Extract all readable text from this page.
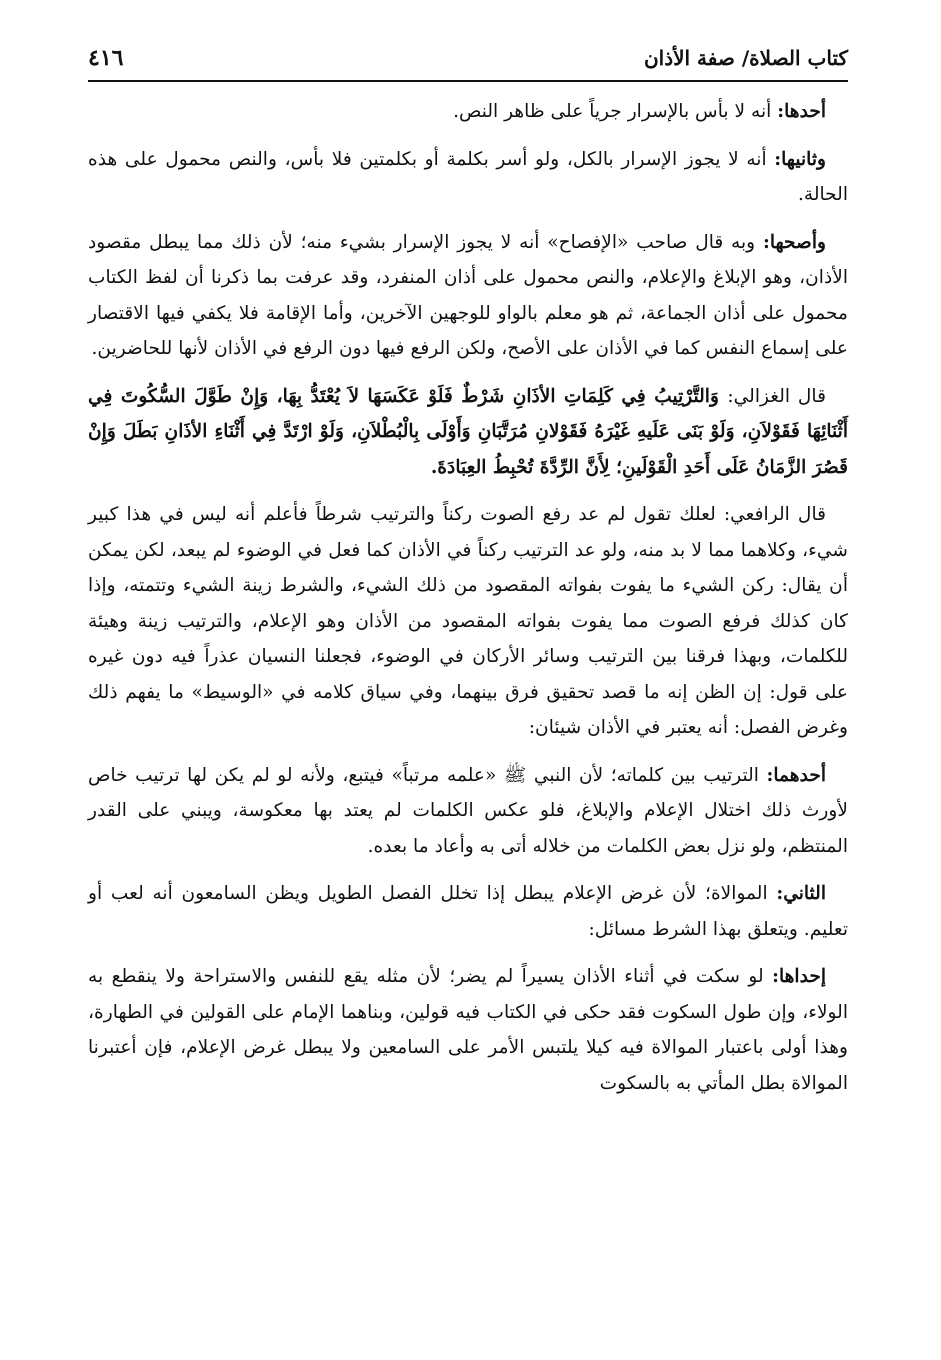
٤١٦	كتاب الصلاة/ صفة الأذان

أحدها: أنه لا بأس بالإسرار جرياً على ظاهر النص.

وثانيها: أنه لا يجوز الإسرار بالكل، ولو أسر بكلمة أو بكلمتين فلا بأس، والنص محمول على هذه الحالة.

وأصحها: وبه قال صاحب «الإفصاح» أنه لا يجوز الإسرار بشيء منه؛ لأن ذلك مما يبطل مقصود الأذان، وهو الإبلاغ والإعلام، والنص محمول على أذان المنفرد، وقد عرفت بما ذكرنا أن لفظ الكتاب محمول على أذان الجماعة، ثم هو معلم بالواو للوجهين الآخرين، وأما الإقامة فلا يكفي فيها الاقتصار على إسماع النفس كما في الأذان على الأصح، ولكن الرفع فيها دون الرفع في الأذان لأنها للحاضرين.

قال الغزالي: وَالتَّرْتِيبُ فِي كَلِمَاتِ الأذَانِ شَرْطٌ فَلَوْ عَكَسَهَا لاَ يُعْتَدُّ بِهَا، وَإِنْ طَوَّلَ السُّكُوتَ فِي أَثْنَائِهَا فَقَوْلاَنِ، وَلَوْ بَنَى عَلَيهِ غَيْرَهُ فَقَوْلانِ مُرَتَّبَانِ وَأَوْلَى بِالْبُطْلاَنِ، وَلَوْ ارْتَدَّ فِي أَثْنَاءِ الأذَانِ بَطَلَ وَإِنْ قَصُرَ الزَّمَانُ عَلَى أَحَدِ الْقَوْلَينِ؛ لِأَنَّ الرِّدَّةَ تُحْبِطُ العِبَادَةَ.

قال الرافعي: لعلك تقول لم عد رفع الصوت ركناً والترتيب شرطاً فأعلم أنه ليس في هذا كبير شيء، وكلاهما مما لا بد منه، ولو عد الترتيب ركناً في الأذان كما فعل في الوضوء لم يبعد، لكن يمكن أن يقال: ركن الشيء ما يفوت بفواته المقصود من ذلك الشيء، والشرط زينة الشيء وتتمته، وإذا كان كذلك فرفع الصوت مما يفوت بفواته المقصود من الأذان وهو الإعلام، والترتيب زينة وهيئة للكلمات، وبهذا فرقنا بين الترتيب وسائر الأركان في الوضوء، فجعلنا النسيان عذراً فيه دون غيره على قول: إن الظن إنه ما قصد تحقيق فرق بينهما، وفي سياق كلامه في «الوسيط» ما يفهم ذلك وغرض الفصل: أنه يعتبر في الأذان شيئان:

أحدهما: الترتيب بين كلماته؛ لأن النبي ﷺ «علمه مرتباً» فيتبع، ولأنه لو لم يكن لها ترتيب خاص لأورث ذلك اختلال الإعلام والإبلاغ، فلو عكس الكلمات لم يعتد بها معكوسة، ويبني على القدر المنتظم، ولو نزل بعض الكلمات من خلاله أتى به وأعاد ما بعده.

الثاني: الموالاة؛ لأن غرض الإعلام يبطل إذا تخلل الفصل الطويل ويظن السامعون أنه لعب أو تعليم. ويتعلق بهذا الشرط مسائل:

إحداها: لو سكت في أثناء الأذان يسيراً لم يضر؛ لأن مثله يقع للنفس والاستراحة ولا ينقطع به الولاء، وإن طول السكوت فقد حكى في الكتاب فيه قولين، وبناهما الإمام على القولين في الطهارة، وهذا أولى باعتبار الموالاة فيه كيلا يلتبس الأمر على السامعين ولا يبطل غرض الإعلام، فإن أعتبرنا الموالاة بطل المأتي به بالسكوت
